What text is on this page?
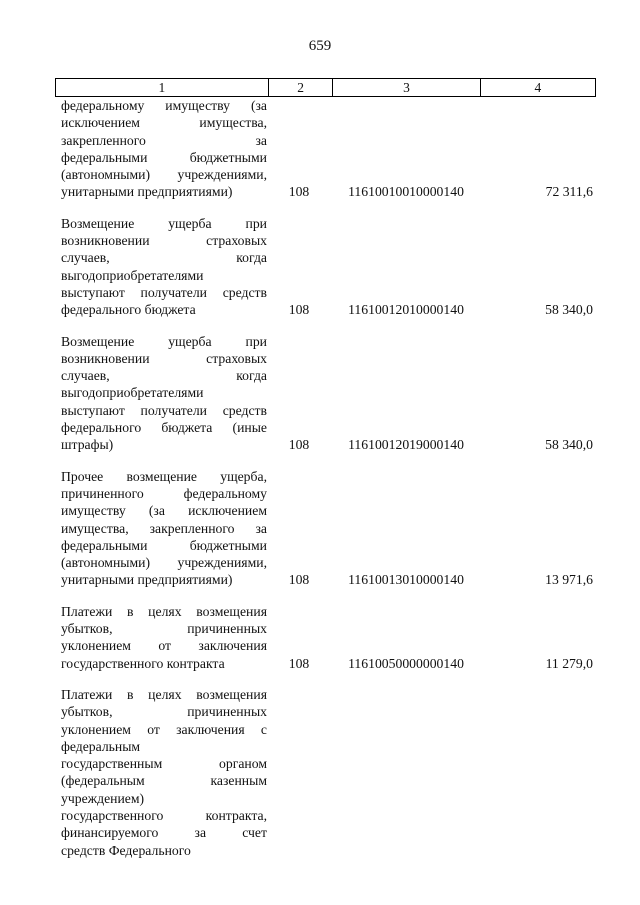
659
1	2	3	4
федеральному имуществу (за
исключением имущества,
закрепленного за
федеральными бюджетными
(автономными) учреждениями,
унитарными предприятиями)	108	11610010010000140	72 311,6
Возмещение ущерба при
возникновении страховых
случаев, когда
выгодоприобретателями
выступают получатели средств
федерального бюджета	108	11610012010000140	58 340,0
Возмещение ущерба при
возникновении страховых
случаев, когда
выгодоприобретателями
выступают получатели средств
федерального бюджета (иные
штрафы)	108	11610012019000140	58 340,0
Прочее возмещение ущерба,
причиненного федеральному
имуществу (за исключением
имущества, закрепленного за
федеральными бюджетными
(автономными) учреждениями,
унитарными предприятиями)	108	11610013010000140	13 971,6
Платежи в целях возмещения
убытков, причиненных
уклонением от заключения
государственного контракта	108	11610050000000140	11 279,0
Платежи в целях возмещения
убытков, причиненных
уклонением от заключения с
федеральным
государственным органом
(федеральным казенным
учреждением)
государственного контракта,
финансируемого за счет
средств Федерального
